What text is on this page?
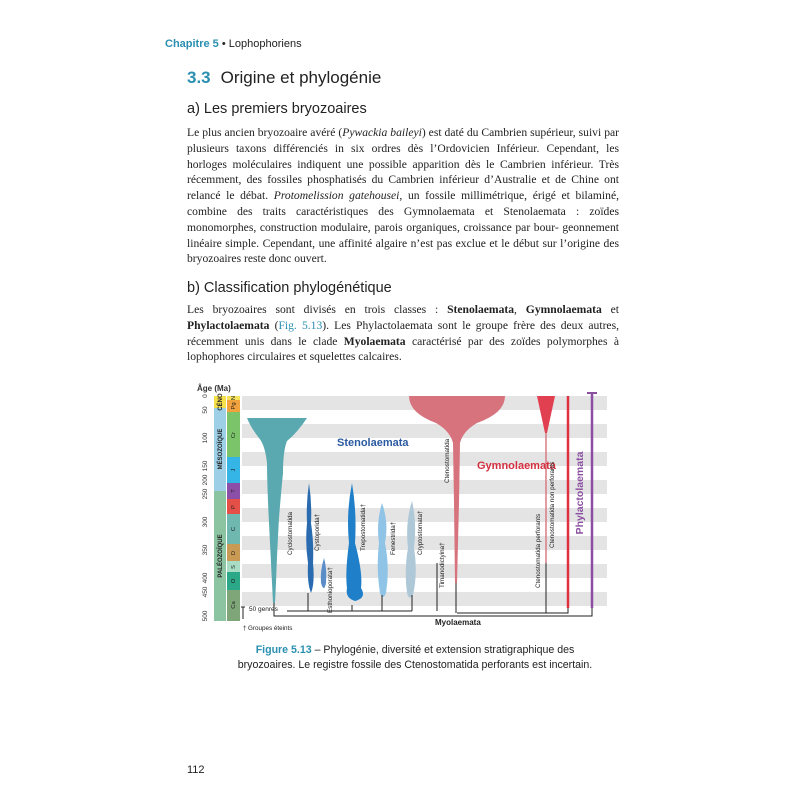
Chapitre 5 • Lophophoriens
3.3 Origine et phylogénie
a) Les premiers bryozoaires

Le plus ancien bryozoaire avéré (Pywackia baileyi) est daté du Cambrien supérieur, suivi par plusieurs taxons différenciés in six ordres dès l’Ordovicien Inférieur. Cependant, les horloges moléculaires indiquent une possible apparition dès le Cambrien inférieur. Très récemment, des fossiles phosphatisés du Cambrien inférieur d’Australie et de Chine ont relancé le débat. Protomelission gatehousei, un fossile millimétrique, érigé et bilaminé, combine des traits caractéristiques des Gymnolaemata et Stenolaemata : zoïdes monomorphes, construction modulaire, parois organiques, croissance par bour- geonnement linéaire simple. Cependant, une affinité algaire n’est pas exclue et le début sur l’origine des bryozoaires reste donc ouvert.

b) Classification phylogénétique

Les bryozoaires sont divisés en trois classes : Stenolaemata, Gymnolaemata et Phylactolaemata (Fig. 5.13). Les Phylactolaemata sont le groupe frère des deux autres, récemment unis dans le clade Myolaemata caractérisé par des zoïdes polymorphes à lophophores circulaires et squelettes calcaires.

Âge (Ma)
0
50
100
150
200
250
300
350
400
450
500
CÉNO
MÉSOZOÏQUE
PALÉOZOÏQUE
N
Pg
Cr
J
T
P
C
D
S
O
Ca
Stenolaemata
Gymnolaemata Phylactolaemata
Myolaemata
Cyclostomatida	Cystoporida†
Esthonioporata†
Trepostomatida†	Fenestrida†	Cryptostomata†
Timanodictyina†
Ctenostomatida
Ctenostomatida perforants
Ctenostomatida non perforants
50 genres
† Groupes éteints
Figure 5.13 – Phylogénie, diversité et extension stratigraphique des
bryozoaires. Le registre fossile des Ctenostomatida perforants est incertain.
112
